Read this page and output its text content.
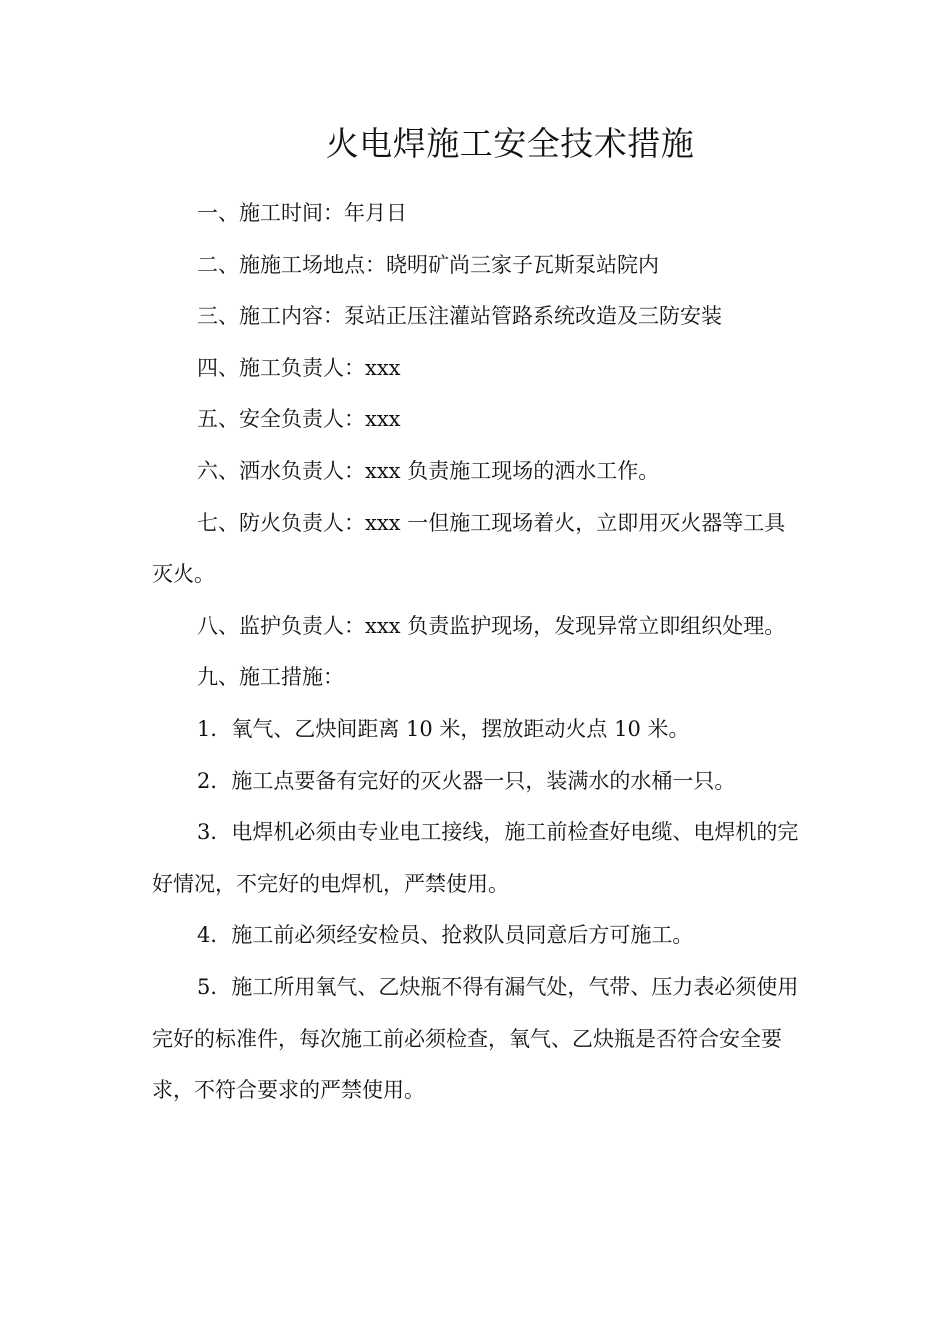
火电焊施工安全技术措施

一、施工时间：年月日

二、施施工场地点：晓明矿尚三家子瓦斯泵站院内

三、施工内容：泵站正压注灌站管路系统改造及三防安装

四、施工负责人：xxx

五、安全负责人：xxx

六、洒水负责人：xxx 负责施工现场的洒水工作。

七、防火负责人：xxx 一但施工现场着火，立即用灭火器等工具灭火。

八、监护负责人：xxx 负责监护现场，发现异常立即组织处理。

九、施工措施：

1．氧气、乙炔间距离 10 米，摆放距动火点 10 米。

2．施工点要备有完好的灭火器一只，装满水的水桶一只。

3．电焊机必须由专业电工接线，施工前检查好电缆、电焊机的完好情况，不完好的电焊机，严禁使用。

4．施工前必须经安检员、抢救队员同意后方可施工。

5．施工所用氧气、乙炔瓶不得有漏气处，气带、压力表必须使用完好的标准件，每次施工前必须检查，氧气、乙炔瓶是否符合安全要求，不符合要求的严禁使用。
